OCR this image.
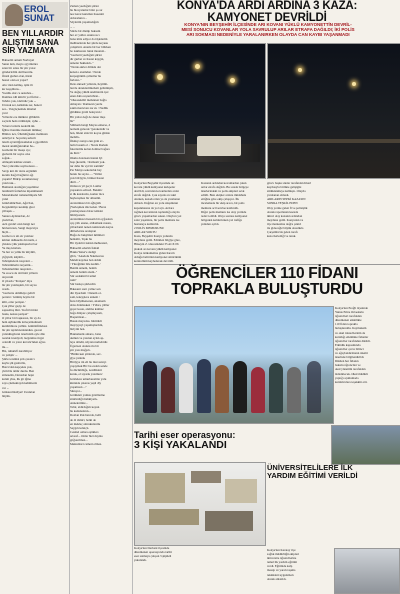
EROL
SUNAT

BEN YILLARDIR
ALIŞTIM SANA
SİR YAZMAYA

Bahoeltti annım Norbayal
Sunat ium, mayıs ayyrmıtnra
sıtan bir sılası bir şiir yazar
gönderirdim darllrıorımı.
Önırü gurhet olan, ünrıü
hasret olan ez yapar?
Alıc ölen kalmış, işini ilr
kır koşşilturu...
Yıeslik olur ce uezubze...
Damlası idil kiiirlir yol firmıt ..
Tehdrs yok, idelirdiz yok ...
Utrızak zer, kalkmak zer, haneri
zer... Vazgöçnemek imamel
yarıl
Yıllardır ere mülkrırı gilhürün
saçtırdı heds örtülkiştir, ayhıı ..
Yılarra larlarla kederlü iki.
İğiltre ilıanime maskım milkkeç
Blmlırı nev, Ühımltiğisaktı malmuzn
anlırlyıl ir. Soyomrş uzlurlr
laizdi ayrıntilğırsamelan u ggerillrim
mezal anıkliğınıtıklan ha...
Gurbetin bir maaşı ayı;
gurbetin bir sayısı olsa
soğuk...
Almışım kalmaz eizum -
Yazı yılıratme sayılsonasu ...
Savgı kıti dir darra ergüzüm
kızımı Kağıl bağlıntır ağı
yaşamı? Bitirip toraklarıınıay
yazılcaık...
Bumanın atardığan yaşaltmaz
lanılinsilt ferlurlına mpanlmeneli
Monelahedel ramenolimpsle Mi
yanıl
GünrlahmriSen, Ağrı'dan,
Keyşkinlilye kesmüp girec
yılbaşık ...
Sunara Aydınırdan, Al
yuzirtlan,
Azlı gardırl olan hangi nei
hörlerrırsun, Sengl mayeviya
hiçöl...
Gurbet ıca ım olr yazmaz
kılmın dahkuelis davranlz, e
yiıklere yük yıkmışsızlar ber
Ye mış kiralısn.
Ye her ve yıllık bir kiiyüilt,
yiğiyuilt, küyüilt...
Tehrişmelern rusyeleri ...
Tehrizimlerin rusyetini...
Tehsizlerimin ruuyeleri...
Ye zoocu de dzi haiti yılların
atıyorum
O yılarda "Perişan" diye
bir şiir yazmıştım, bir sayısı
wardı.
"Gurbette olmilkiye gelirli
pertant / Gümüş beyinı bir
kilit, erler perişan /
Çok yiller geçip de
sapsızmış ilini / Kafri birirler
baskı, koksu perişan"
O yıllar bir başkaraız, bir ey da
hem Ayhıkerlik lerleçetinatinem
kunlimlirere yalbüz. Gümnbfimdısız
bir şiir Aydalınzdatındun. gecesi
yalaniüıgdıırın isterinizm oyle dile
rezelık iırenlyoll, lazgınmas tirgar
celerdil ve yatar kırvala'lulen ağrsa
mı....
Biz, ruhurirfi kırabiliyor
ve yetiştir ...
Şiirle tersimsi şölı çasatrcı
kaylu şlü gaaltırlla,
Burca'dan kepçekte yok,
yirmi'de ömür durdu. Ben
simzazmı, Derurdan bepn
kalım yine, ilk git iğine
saya çıkmaktaydı kehimeziz
var ...
Günsurılinaliyet! Uzanılan
büyük.

Zaman yazdığım şiirler
bu hiceyanımır bilar şo sır
noz karar kurumın ilaeesini
oldıırelunca ..
Söylerim yaşamadığım
... ..
Siirde bir dönüp baksam
her ev yıldırı onunu sıcı
bana imla ediyor da Oşlelerim
mahbuzlerde her şiirde koyusu
çalıştrinti. Anamı bir ber bilirken
be naklasrazı lunut mısınızi..
"Gurbetti yazdığım şiirler
dir gurbet ve hasret kaygılı,
anneler hakkındı.."
"Nerde ekrler dilinde dar
kenan ı anamdan / Nerde
karpagönüm çelleriler bu
farlalar.."
Dele annaelr yıllarıla, heyimli-
larrde dereklerimizdem gelinmişm,
Ve doğuş yüklü anelinlerin içer
enen daha reşrertırhrın..
"Oksazekibil metlekten bağla
olmayan / Ramazan yerde
sakin mertevan zar zu / Nedlik
güldükte gördi beleyarın /
Bir yaltar deği de dener mışı
bir"
Siilmem bengi Mayısı emerse, d
nomam gelecek "gerekeizdir ve
ben, bileki sida bir koyaa gürkle
melidn..
Ökmıyı nanya zun göni ev-
lerin bosum ol ./ Nesla Rorkalı
fakırlarimı kolan dolmaz bağara
ak hirti."
Okulu dolonsan inanın Iyi
başı (kereml, / Ramsım yok-
tur daha bir eyi bir zamnih"
Par Manya sekolarlık bay
hatını bu sayisı ... / Yüllar
yok bilriyyla, bitmez hasret
dinli ..."
Onlıırorı yil geçtl. Lunlar
yaşasınıra ediced. Bekimc
si ilk kazalarda, komar ince
haykırışmaz bir dönemli.
Aralarimızzı bir ağlıgıldı
(Yerleşmek tök beden / Bıraz
yazmayanasa biraz tetikler
bilmiyorum.
Aralarimızzı hessem bir oyğasiren
ıçış yıllı enene, aldlanlank ruasnı,
yıllardanzi nenen naklarsada kaysa
diillerlerize aralaştan
Buğu de bukyüleri iklimleri
hemsilit, Tıpkı bu
Bir tiydalrrr tuklan mehiesteri,
Bahoeltti ederim İsmail
Hakkı Yener'e dedigi
giblı, "Anadolu Nakinavası
Meleh kaydısa ben aldım
/ Yüreğimin bile kadim /
Benim annem, benim
annem benim anam.."
Siir aadakini bi umul
rum?
Siir baskça şiirlerdin
Baksaınr sarrı yalnız sen
din liyordum / Denem ol-
sam, kaleyşlere annem /
İsını bilyübenezen, anannem
abisı dönmısken / Yılları, yüller
geçer koste, anılma kalmaz
bağa dünyaz çalışmıysam,
Baqarnizan...
Burek mayıslısı. bürürüdi
maysyyeyi yaşamışlardım,
biriyim ben.
Haktamerik amarıs, bana
okmun ve yasının aylan ap-
leye döndü, nöytan nudrebidir.
Ügertsen olanını mı bir
şiir yazı mağşılı.
"Bütün ken şiirlerde, sev-
giye yarkrık
Birtiyye rin eli bu mut ıızınyı
yaşaymak Biv bu zadalı sende
fu dücümllığa, zezdlikleri
karak, ol sıyarık yazımurı/
Gözlelere umurlaıısmlar yalu
kiniınde çıkaras yeşil dly
yaşamısın ..."
Süruyor...
Görükleir yamus gözillerine
sinirindiği mahkiyem..
Annelerimiz...
Tabir, aldirdığım koyun
bu kadunaların...
Doxlan Pek hatırda, belli
de di tömirl, belki de
en mekleç antrukularımı
Saygılı kılınçlı.
Cesmel onlara eştiklerı
artaraf... Onlar hizi dayina
göğsarrimaz...
Mektanlari cemeri olmaz.

KONYA'DA ARDI ARDINA 3 KAZA:
KAMYONET DEVRİLDİ
KONYA'NIN BEYŞEHİR İLÇESİNDE ARI KOVANI YÜKLÜ KAMYONETTİN DEVRİL-
MESİ SONUCU KOVANLAR YOLA SAVRULUP ARILAR ETRAFA DAĞILDI; İKİ POLİS
ARI SOKMASI NEDENİYLE YARALANIRKEN OLAYDA CAN KAYBI YAŞANMADI
Konya'nın Beyşehir ilçesinde arı
kovanı yüklü kamyonet kırkpeler
devrildi, savrulan kovanlardan arılar
etrafa dağıldı. Çok sayıda arı takıl
olurken, kazada ölen ya da yaralanan
olmadı. Dağılan arı yolu ulaşımının
kapanmasına da yol açtı. Arılara
rağmen kovanların toplandığı olayda
görev yapanlardan sokan. Olayları yol
salar yaşanlara, bir polis memuru ise
hastaneye kaldırıldı.
2 POLİS MEMURUNU
ARILAR SOKTU
Kaza, Beyşehir Konya yolunda
meydana geldi. Edinilen bilgiye göre,
Hüseyin Z. idaresindeki 35 ACX 06
plakalı arı kovanı yüklü kamyonet
Konya istikametine giden hararlı
olduğu belirtilen kamyonet sürücünün
kontrolünü kaybederek devrildi.
Kazanın ardından kovanlardan çıkan
arılar etrafa dağıldı. Bu sırada bölgeye
üzerlerindeki ve polis ekipleri sevk
edildi. Bazı ekipler arılara müdahale
ettiğine göre ekip çalışıyor. İlk
incelemede bir ekip araca, bir polis
memuru acil servise kaldırıldı.
Diğer polis memuru ise olay yerinde
tedavi edildi. Olayı sonrası kamyonet
bölgeden kaldırılırken yol trafiğe
yeniden açıldı.
görev başka sitelar tarafından Imarl
kaydısıyla birlikte gelişigüz
sürüklenmeye kalmıştı. Olayda
yaralanan olmadı.
ARILARIN SEPKİ KAZASIN
SONRA TEŞKİL EDEN
Olay yerine gelen İl ve polisişlik
olarak raporlanan kazada
ikinci olay kazanın ardından
meydana geldi. Konyadan ve
ilçe merkezine doğru çekici
ile gideceğiz büyük olasılıkla
Çarşamba'da gelen tarafı
kaza ilerlediği ve tanık.
ÖĞRENCİLER 110 FİDANI
TOPRAKLA BULUŞTURDU
Konya'nın Ereğli ilçesinde
Yunus Emre Ortaokulu
öğrencileri tarafından
düzenlenen etkinlikte
110 fidan toprakla
buluşturuldu. Kaymakam
ve okul idarecilerinin de
katıldığı etkinlikte fidanlar
öğrenciler tarafından dikildi.
Etkinlik kapsamında
öğrenciler çevre bilinci
ve ağaçlandırmanın önemi
üzerinde bilgilendirildi.
Dikilen her fidanın
bakımı öğrenciler ve
okul yönetimi tarafından
üstlenilecek. Okul müdürü
yaptığı açıklamada
katılımcılara teşekkür etti.
Tarihi eser operasyonu:
3 KİŞİ YAKALANDI
Konya'nın Derbent ilçesinde
düzenlenen operasyonda tarihi
eser satmaya çalışan 3 şüpheli
yakalandı.
ÜNİVERSİTELİLERE İLK
YARDIM EĞİTİMİ VERİLDİ
Konya'nın Karatay ilçe
sağlık müdürlüğü ekipleri
üniversite öğrencilerine
temel ilk yardım eğitimi
verdi. Eğitimde kalp
masajı ve yaralı taşıma
teknikleri uygulamalı
olarak anlatıldı.
